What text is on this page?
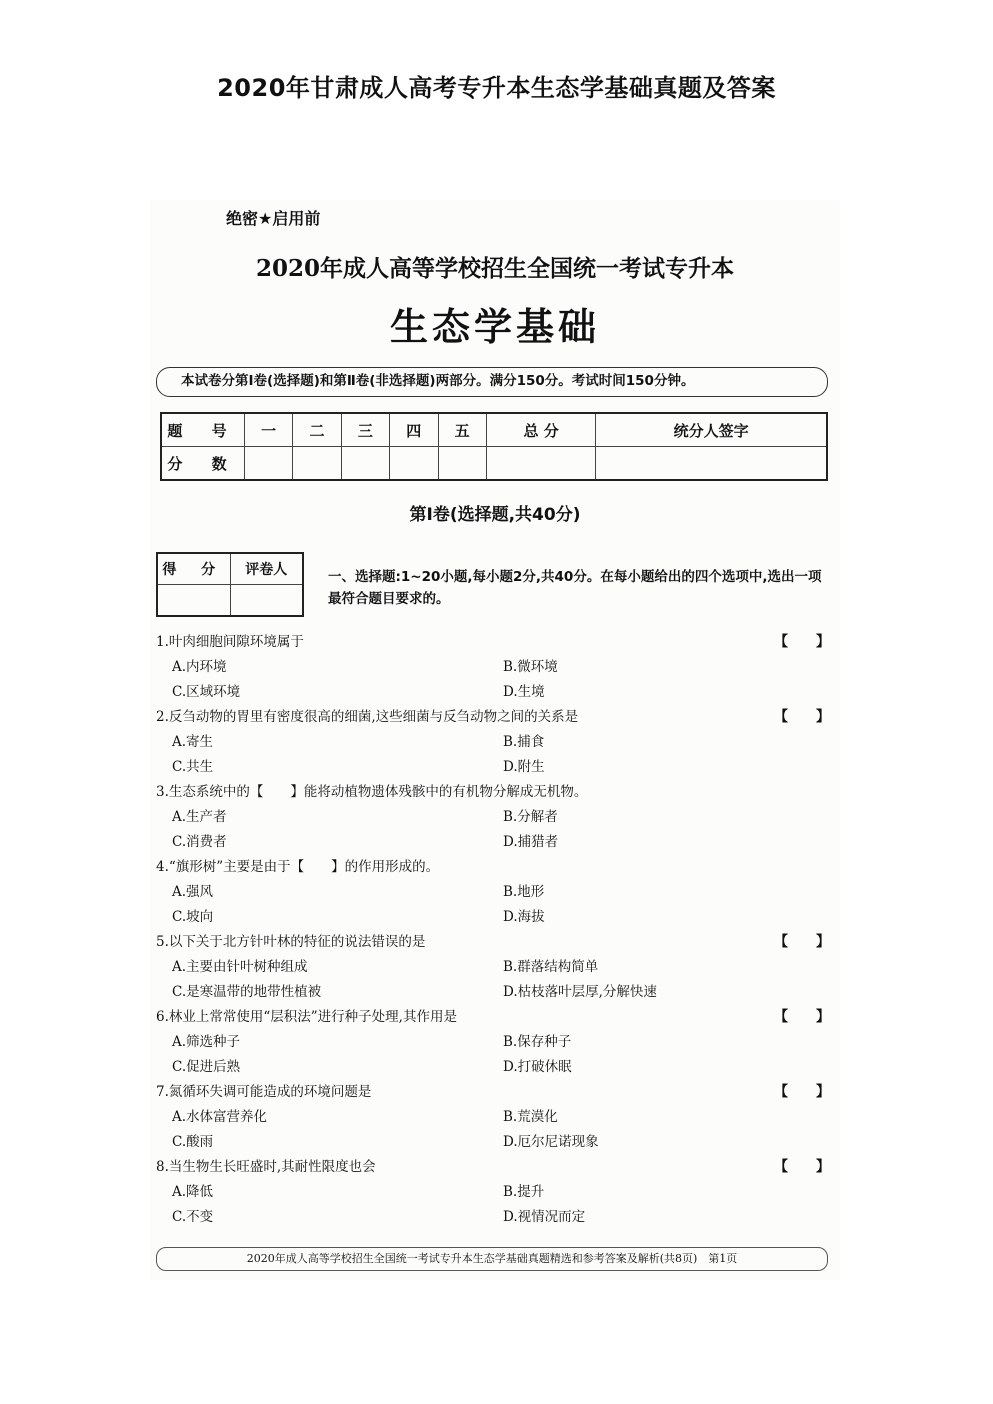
2020年甘肃成人高考专升本生态学基础真题及答案
绝密★启用前
2020年成人高等学校招生全国统一考试专升本
生态学基础
本试卷分第Ⅰ卷(选择题)和第Ⅱ卷(非选择题)两部分。满分150分。考试时间150分钟。
题 号	一	二	三	四	五	总 分	统分人签字
分 数							
第Ⅰ卷(选择题,共40分)
得 分	评卷人
		一、选择题:1~20小题,每小题2分,共40分。在每小题给出的四个选项中,选出一项最符合题目要求的。
1.叶肉细胞间隙环境属于	【　　】
A.内环境	B.微环境
C.区域环境	D.生境
2.反刍动物的胃里有密度很高的细菌,这些细菌与反刍动物之间的关系是	【　　】
A.寄生	B.捕食
C.共生	D.附生
3.生态系统中的【　　】能将动植物遗体残骸中的有机物分解成无机物。
A.生产者	B.分解者
C.消费者	D.捕猎者
4.“旗形树”主要是由于【　　】的作用形成的。
A.强风	B.地形
C.坡向	D.海拔
5.以下关于北方针叶林的特征的说法错误的是	【　　】
A.主要由针叶树种组成	B.群落结构简单
C.是寒温带的地带性植被	D.枯枝落叶层厚,分解快速
6.林业上常常使用“层积法”进行种子处理,其作用是	【　　】
A.筛选种子	B.保存种子
C.促进后熟	D.打破休眠
7.氮循环失调可能造成的环境问题是	【　　】
A.水体富营养化	B.荒漠化
C.酸雨	D.厄尔尼诺现象
8.当生物生长旺盛时,其耐性限度也会	【　　】
A.降低	B.提升
C.不变	D.视情况而定
2020年成人高等学校招生全国统一考试专升本生态学基础真题精选和参考答案及解析(共8页)　第1页
